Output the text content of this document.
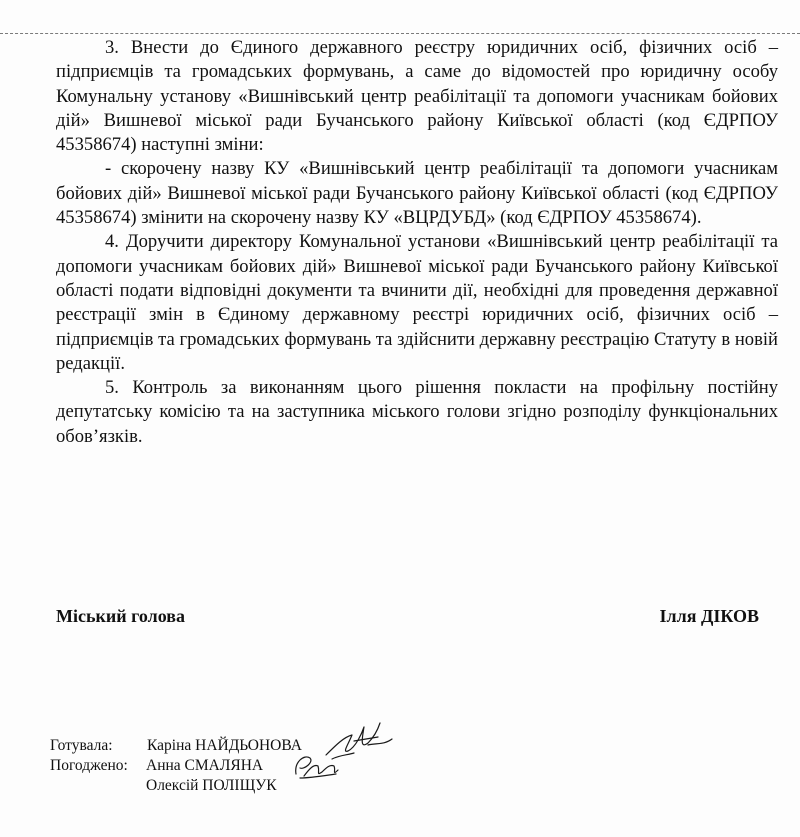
3. Внести до Єдиного державного реєстру юридичних осіб, фізичних осіб – підприємців та громадських формувань, а саме до відомостей про юридичну особу Комунальну установу «Вишнівський центр реабілітації та допомоги учасникам бойових дій» Вишневої міської ради Бучанського району Київської області (код ЄДРПОУ 45358674) наступні зміни:

- скорочену назву КУ «Вишнівський центр реабілітації та допомоги учасникам бойових дій» Вишневої міської ради Бучанського району Київської області (код ЄДРПОУ 45358674) змінити на скорочену назву КУ «ВЦРДУБД» (код ЄДРПОУ 45358674).

4. Доручити директору Комунальної установи «Вишнівський центр реабілітації та допомоги учасникам бойових дій» Вишневої міської ради Бучанського району Київської області подати відповідні документи та вчинити дії, необхідні для проведення державної реєстрації змін в Єдиному державному реєстрі юридичних осіб, фізичних осіб – підприємців та громадських формувань та здійснити державну реєстрацію Статуту в новій редакції.

5. Контроль за виконанням цього рішення покласти на профільну постійну депутатську комісію та на заступника міського голови згідно розподілу функціональних обов’язків.

Міський голова	Ілля ДІКОВ
Готувала: Каріна НАЙДЬОНОВА
Погоджено: Анна СМАЛЯНА
Олексій ПОЛІЩУК
